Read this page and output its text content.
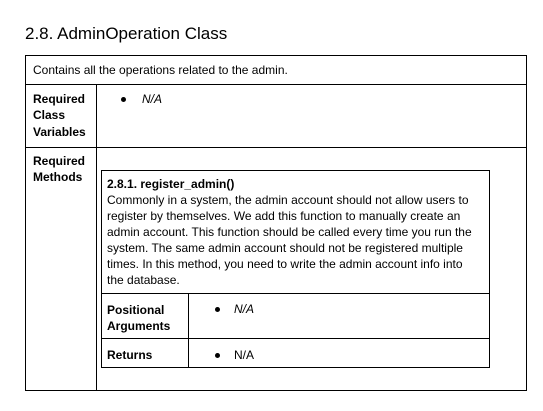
2.8. AdminOperation Class
Contains all the operations related to the admin.
Required
Class
Variables
N/A
Required
Methods 2.8.1. register_admin()
Commonly in a system, the admin account should not allow users to
register by themselves. We add this function to manually create an
admin account. This function should be called every time you run the
system. The same admin account should not be registered multiple
times. In this method, you need to write the admin account info into
the database.
Positional
Arguments
N/A
Returns	N/A
